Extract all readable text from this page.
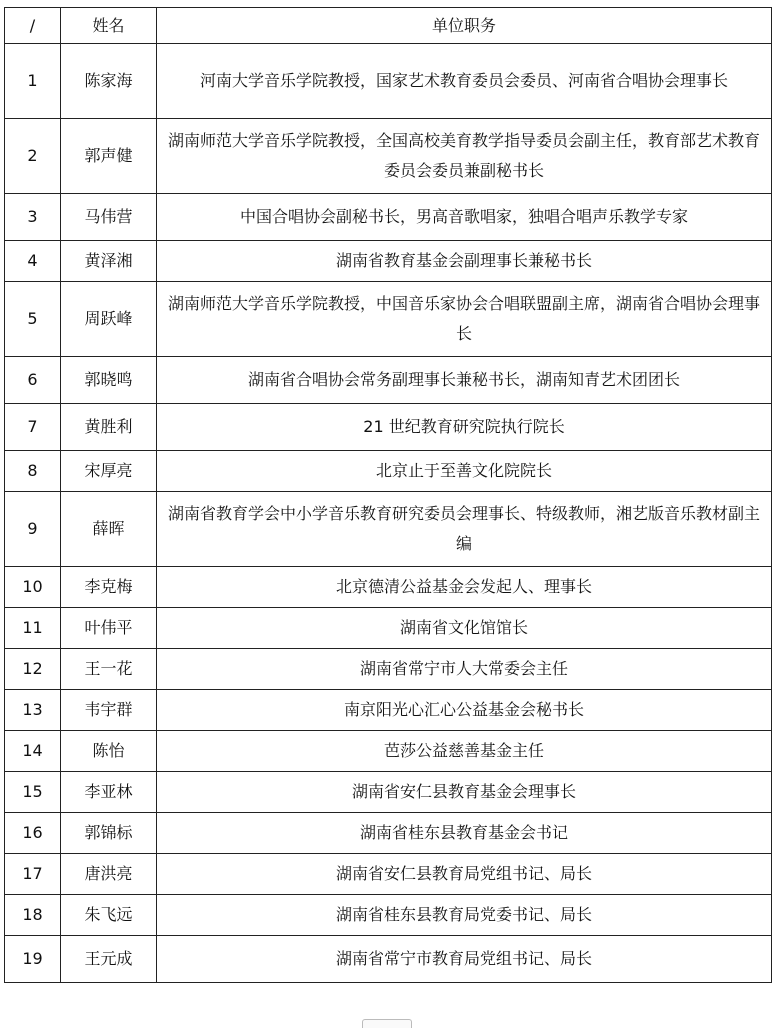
/	姓名	单位职务
1	陈家海	河南大学音乐学院教授，国家艺术教育委员会委员、河南省合唱协会理事长
2	郭声健	湖南师范大学音乐学院教授，全国高校美育教学指导委员会副主任，教育部艺术教育委员会委员兼副秘书长
3	马伟营	中国合唱协会副秘书长，男高音歌唱家，独唱合唱声乐教学专家
4	黄泽湘	湖南省教育基金会副理事长兼秘书长
5	周跃峰	湖南师范大学音乐学院教授，中国音乐家协会合唱联盟副主席，湖南省合唱协会理事长
6	郭晓鸣	湖南省合唱协会常务副理事长兼秘书长，湖南知青艺术团团长
7	黄胜利	21 世纪教育研究院执行院长
8	宋厚亮	北京止于至善文化院院长
9	薛晖	湖南省教育学会中小学音乐教育研究委员会理事长、特级教师，湘艺版音乐教材副主编
10	李克梅	北京德清公益基金会发起人、理事长
11	叶伟平	湖南省文化馆馆长
12	王一花	湖南省常宁市人大常委会主任
13	韦宇群	南京阳光心汇心公益基金会秘书长
14	陈怡	芭莎公益慈善基金主任
15	李亚林	湖南省安仁县教育基金会理事长
16	郭锦标	湖南省桂东县教育基金会书记
17	唐洪亮	湖南省安仁县教育局党组书记、局长
18	朱飞远	湖南省桂东县教育局党委书记、局长
19	王元成	湖南省常宁市教育局党组书记、局长
